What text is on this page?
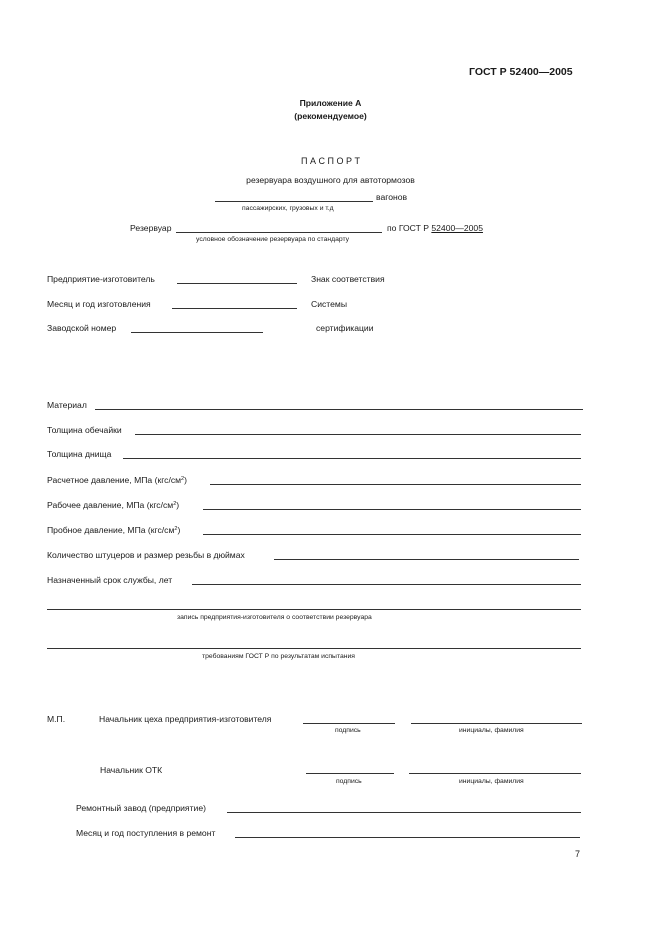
ГОСТ Р 52400—2005
Приложение А
(рекомендуемое)
П А С П О Р Т
резервуара воздушного для автотормозов
вагонов
пассажирских, грузовых и т.д
Резервуар	по ГОСТ Р 52400—2005
условное обозначение резервуара по стандарту
Предприятие-изготовитель	Знак соответствия
Месяц и год изготовления	Системы
Заводской номер	сертификации
Материал
Толщина обечайки
Толщина днища
Расчетное давление, МПа $(кгс/см^2)$
Рабочее давление, МПа $(кгс/см^2)$
Пробное давление, МПа $(кгс/см^2)$
Количество штуцеров и размер резьбы в дюймах
Назначенный срок службы, лет
запись предприятия-изготовителя о соответствии резервуара
требованиям ГОСТ Р по результатам испытания
М.П.	Начальник цеха предприятия-изготовителя
подпись	инициалы, фамилия
Начальник ОТК
подпись	инициалы, фамилия
Ремонтный завод (предприятие)
Месяц и год поступления в ремонт
7
